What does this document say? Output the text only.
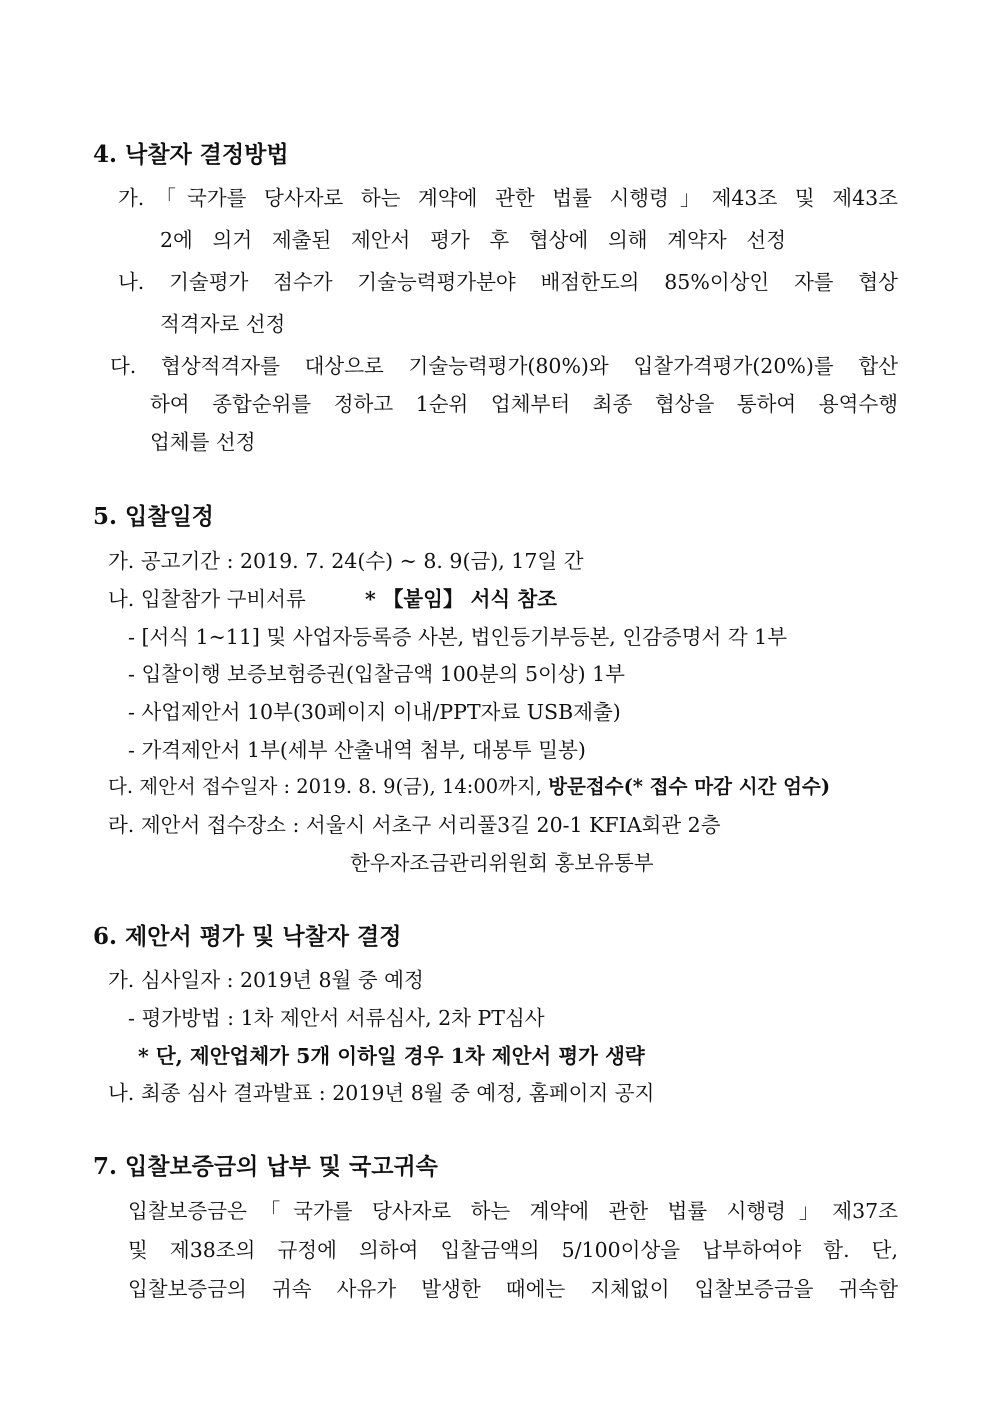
4. 낙찰자 결정방법
가.「국가를 당사자로 하는 계약에 관한 법률 시행령」제43조 및 제43조
2에 의거 제출된 제안서 평가 후 협상에 의해 계약자 선정
나. 기술평가 점수가 기술능력평가분야 배점한도의 85%이상인 자를 협상
적격자로 선정
다. 협상적격자를 대상으로 기술능력평가(80%)와 입찰가격평가(20%)를 합산
하여 종합순위를 정하고 1순위 업체부터 최종 협상을 통하여 용역수행
업체를 선정
5. 입찰일정
가. 공고기간 : 2019. 7. 24(수) ~ 8. 9(금), 17일 간
나. 입찰참가 구비서류	* 【붙임】 서식 참조
- [서식 1~11] 및 사업자등록증 사본, 법인등기부등본, 인감증명서 각 1부
- 입찰이행 보증보험증권(입찰금액 100분의 5이상) 1부
- 사업제안서 10부(30페이지 이내/PPT자료 USB제출)
- 가격제안서 1부(세부 산출내역 첨부, 대봉투 밀봉)
다. 제안서 접수일자 : 2019. 8. 9(금), 14:00까지, 방문접수(* 접수 마감 시간 엄수)
라. 제안서 접수장소 : 서울시 서초구 서리풀3길 20-1 KFIA회관 2층
한우자조금관리위원회 홍보유통부
6. 제안서 평가 및 낙찰자 결정
가. 심사일자 : 2019년 8월 중 예정
- 평가방법 : 1차 제안서 서류심사, 2차 PT심사
* 단, 제안업체가 5개 이하일 경우 1차 제안서 평가 생략
나. 최종 심사 결과발표 : 2019년 8월 중 예정, 홈페이지 공지
7. 입찰보증금의 납부 및 국고귀속
입찰보증금은「국가를 당사자로 하는 계약에 관한 법률 시행령」제37조
및 제38조의 규정에 의하여 입찰금액의 5/100이상을 납부하여야 함. 단,
입찰보증금의 귀속 사유가 발생한 때에는 지체없이 입찰보증금을 귀속함
